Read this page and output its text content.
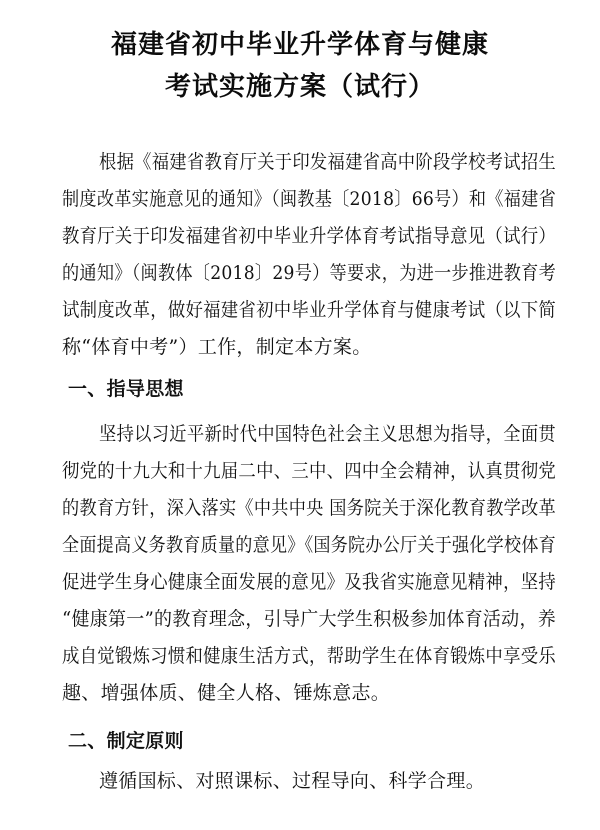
福建省初中毕业升学体育与健康
考试实施方案（试行）
根据《福建省教育厅关于印发福建省高中阶段学校考试招生
制度改革实施意见的通知》（闽教基〔2018〕66号）和《福建省
教育厅关于印发福建省初中毕业升学体育考试指导意见（试行）
的通知》（闽教体〔2018〕29号）等要求，为进一步推进教育考
试制度改革，做好福建省初中毕业升学体育与健康考试（以下简
称“体育中考”）工作，制定本方案。
一、指导思想
坚持以习近平新时代中国特色社会主义思想为指导，全面贯
彻党的十九大和十九届二中、三中、四中全会精神，认真贯彻党
的教育方针，深入落实《中共中央 国务院关于深化教育教学改革
全面提高义务教育质量的意见》《国务院办公厅关于强化学校体育
促进学生身心健康全面发展的意见》及我省实施意见精神，坚持
“健康第一”的教育理念，引导广大学生积极参加体育活动，养
成自觉锻炼习惯和健康生活方式，帮助学生在体育锻炼中享受乐
趣、增强体质、健全人格、锤炼意志。
二、制定原则
遵循国标、对照课标、过程导向、科学合理。
